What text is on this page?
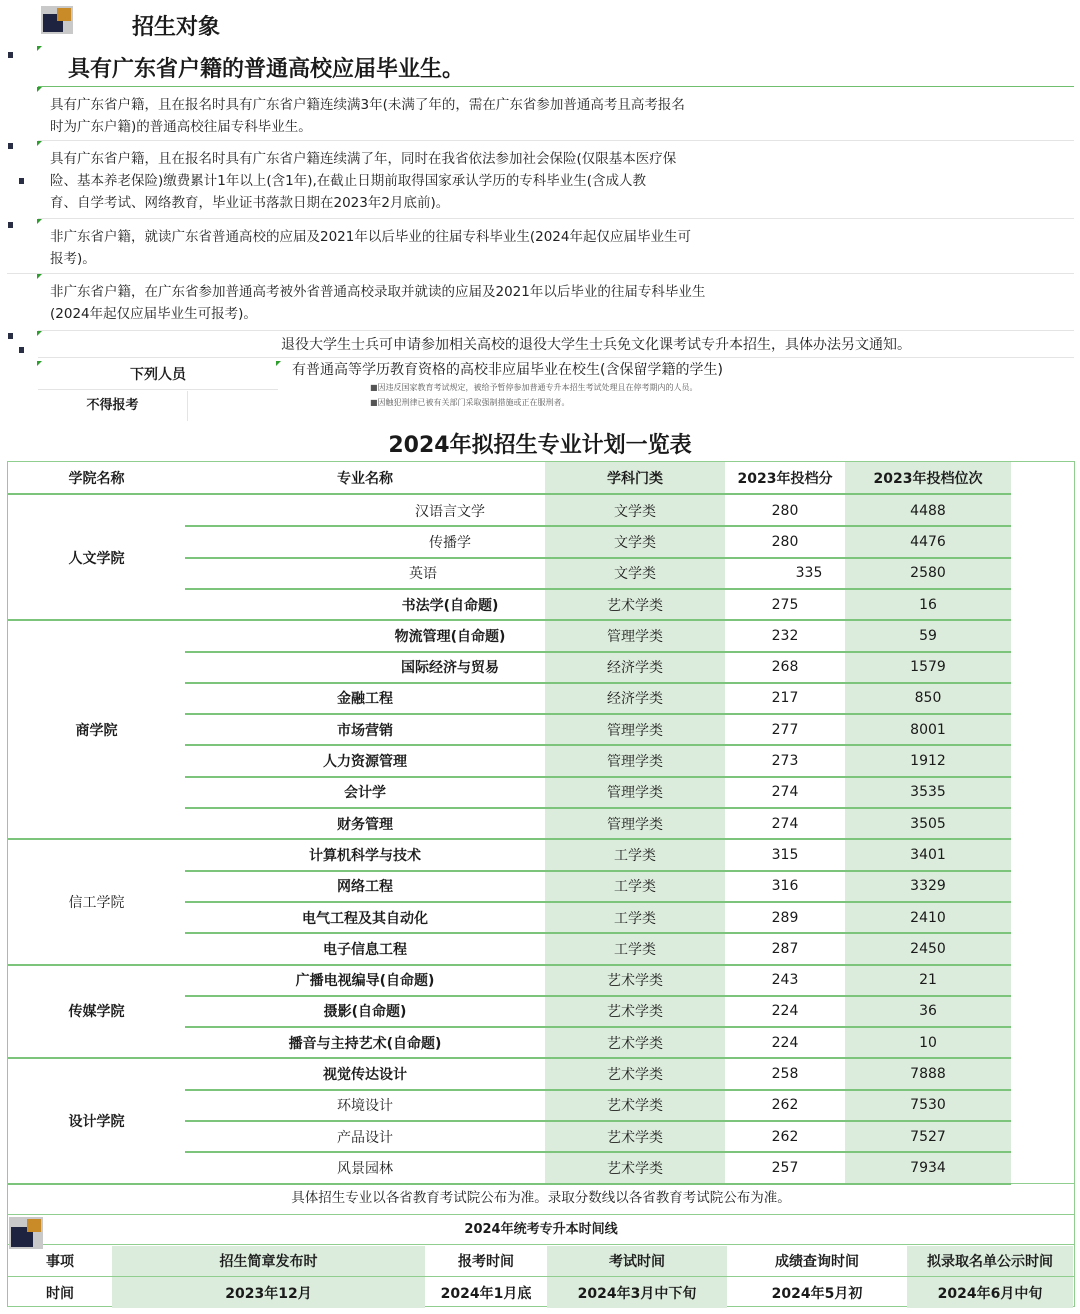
招生对象
具有广东省户籍的普通高校应届毕业生。
具有广东省户籍，且在报名时具有广东省户籍连续满3年(未满了年的，需在广东省参加普通高考且高考报名
时为广东户籍)的普通高校往届专科毕业生。
具有广东省户籍，且在报名时具有广东省户籍连续满了年，同时在我省依法参加社会保险(仅限基本医疗保
险、基本养老保险)缴费累计1年以上(含1年),在截止日期前取得国家承认学历的专科毕业生(含成人教
育、自学考试、网络教育，毕业证书落款日期在2023年2月底前)。
非广东省户籍，就读广东省普通高校的应届及2021年以后毕业的往届专科毕业生(2024年起仅应届毕业生可
报考)。
非广东省户籍，在广东省参加普通高考被外省普通高校录取并就读的应届及2021年以后毕业的往届专科毕业生
(2024年起仅应届毕业生可报考)。
退役大学生士兵可申请参加相关高校的退役大学生士兵免文化课考试专升本招生，具体办法另文通知。
下列人员
不得报考
有普通高等学历教育资格的高校非应届毕业在校生(含保留学籍的学生)
■因违反国家教育考试规定，被给予暂停参加普通专升本招生考试处理且在停考期内的人员。
■因触犯刑律已被有关部门采取强制措施或正在服刑者。
2024年拟招生专业计划一览表
学院名称	专业名称	学科门类	2023年投档分	2023年投档位次
汉语言文学	文学类	280	4488
传播学	文学类	280	4476
英语	文学类	335	2580
书法学(自命题)	艺术学类	275	16
人文学院
物流管理(自命题)	管理学类	232	59
国际经济与贸易	经济学类	268	1579
金融工程	经济学类	217	850
市场营销	管理学类	277	8001
人力资源管理	管理学类	273	1912
会计学	管理学类	274	3535
财务管理	管理学类	274	3505
商学院
计算机科学与技术	工学类	315	3401
网络工程	工学类	316	3329
电气工程及其自动化	工学类	289	2410
电子信息工程	工学类	287	2450
信工学院
广播电视编导(自命题)	艺术学类	243	21
摄影(自命题)	艺术学类	224	36
播音与主持艺术(自命题)	艺术学类	224	10
传媒学院
视觉传达设计	艺术学类	258	7888
环境设计	艺术学类	262	7530
产品设计	艺术学类	262	7527
风景园林	艺术学类	257	7934
设计学院
具体招生专业以各省教育考试院公布为准。录取分数线以各省教育考试院公布为准。
2024年统考专升本时间线
事项	招生简章发布时	报考时间	考试时间	成绩查询时间	拟录取名单公示时间
时间	2023年12月	2024年1月底	2024年3月中下旬	2024年5月初	2024年6月中旬
